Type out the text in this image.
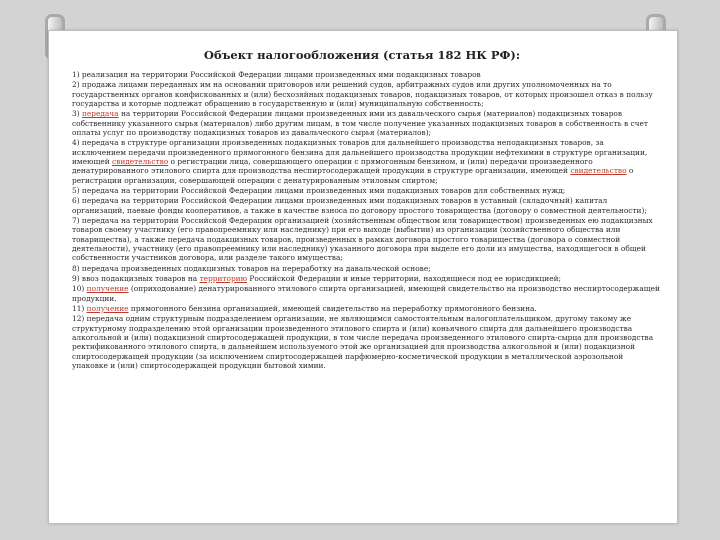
Объект налогообложения (статья 182 НК РФ):

1) реализация на территории Российской Федерации лицами произведенных ими подакцизных товаров

2) продажа лицами переданных им на основании приговоров или решений судов, арбитражных судов или других уполномоченных на то государственных органов конфискованных и (или) бесхозяйных подакцизных товаров, подакцизных товаров, от которых произошел отказ в пользу государства и которые подлежат обращению в государственную и (или) муниципальную собственность;

3) передача на территории Российской Федерации лицами произведенных ими из давальческого сырья (материалов) подакцизных товаров собственнику указанного сырья (материалов) либо другим лицам, в том числе получение указанных подакцизных товаров в собственность в счет оплаты услуг по производству подакцизных товаров из давальческого сырья (материалов);

4) передача в структуре организации произведенных подакцизных товаров для дальнейшего производства неподакцизных товаров, за исключением передачи произведенного прямогонного бензина для дальнейшего производства продукции нефтехимии в структуре организации, имеющей свидетельство о регистрации лица, совершающего операции с прямогонным бензином, и (или) передачи произведенного денатурированного этилового спирта для производства неспиртосодержащей продукции в структуре организации, имеющей свидетельство о регистрации организации, совершающей операции с денатурированным этиловым спиртом;

5) передача на территории Российской Федерации лицами произведенных ими подакцизных товаров для собственных нужд;

6) передача на территории Российской Федерации лицами произведенных ими подакцизных товаров в уставный (складочный) капитал организаций, паевые фонды кооперативов, а также в качестве взноса по договору простого товарищества (договору о совместной деятельности);

7) передача на территории Российской Федерации организацией (хозяйственным обществом или товариществом) произведенных ею подакцизных товаров своему участнику (его правопреемнику или наследнику) при его выходе (выбытии) из организации (хозяйственного общества или товарищества), а также передача подакцизных товаров, произведенных в рамках договора простого товарищества (договора о совместной деятельности), участнику (его правопреемнику или наследнику) указанного договора при выделе его доли из имущества, находящегося в общей собственности участников договора, или разделе такого имущества;

8) передача произведенных подакцизных товаров на переработку на давальческой основе;

9) ввоз подакцизных товаров на территорию Российской Федерации и иные территории, находящиеся под ее юрисдикцией;

10) получение (оприходование) денатурированного этилового спирта организацией, имеющей свидетельство на производство неспиртосодержащей продукции.

11) получение прямогонного бензина организацией, имеющей свидетельство на переработку прямогонного бензина.

12) передача одним структурным подразделением организации, не являющимся самостоятельным налогоплательщиком, другому такому же структурному подразделению этой организации произведенного этилового спирта и (или) коньячного спирта для дальнейшего производства алкогольной и (или) подакцизной спиртосодержащей продукции, в том числе передача произведенного этилового спирта-сырца для производства ректификованного этилового спирта, в дальнейшем используемого этой же организацией для производства алкогольной и (или) подакцизной спиртосодержащей продукции (за исключением спиртосодержащей парфюмерно-косметической продукции в металлической аэрозольной упаковке и (или) спиртосодержащей продукции бытовой химии.
